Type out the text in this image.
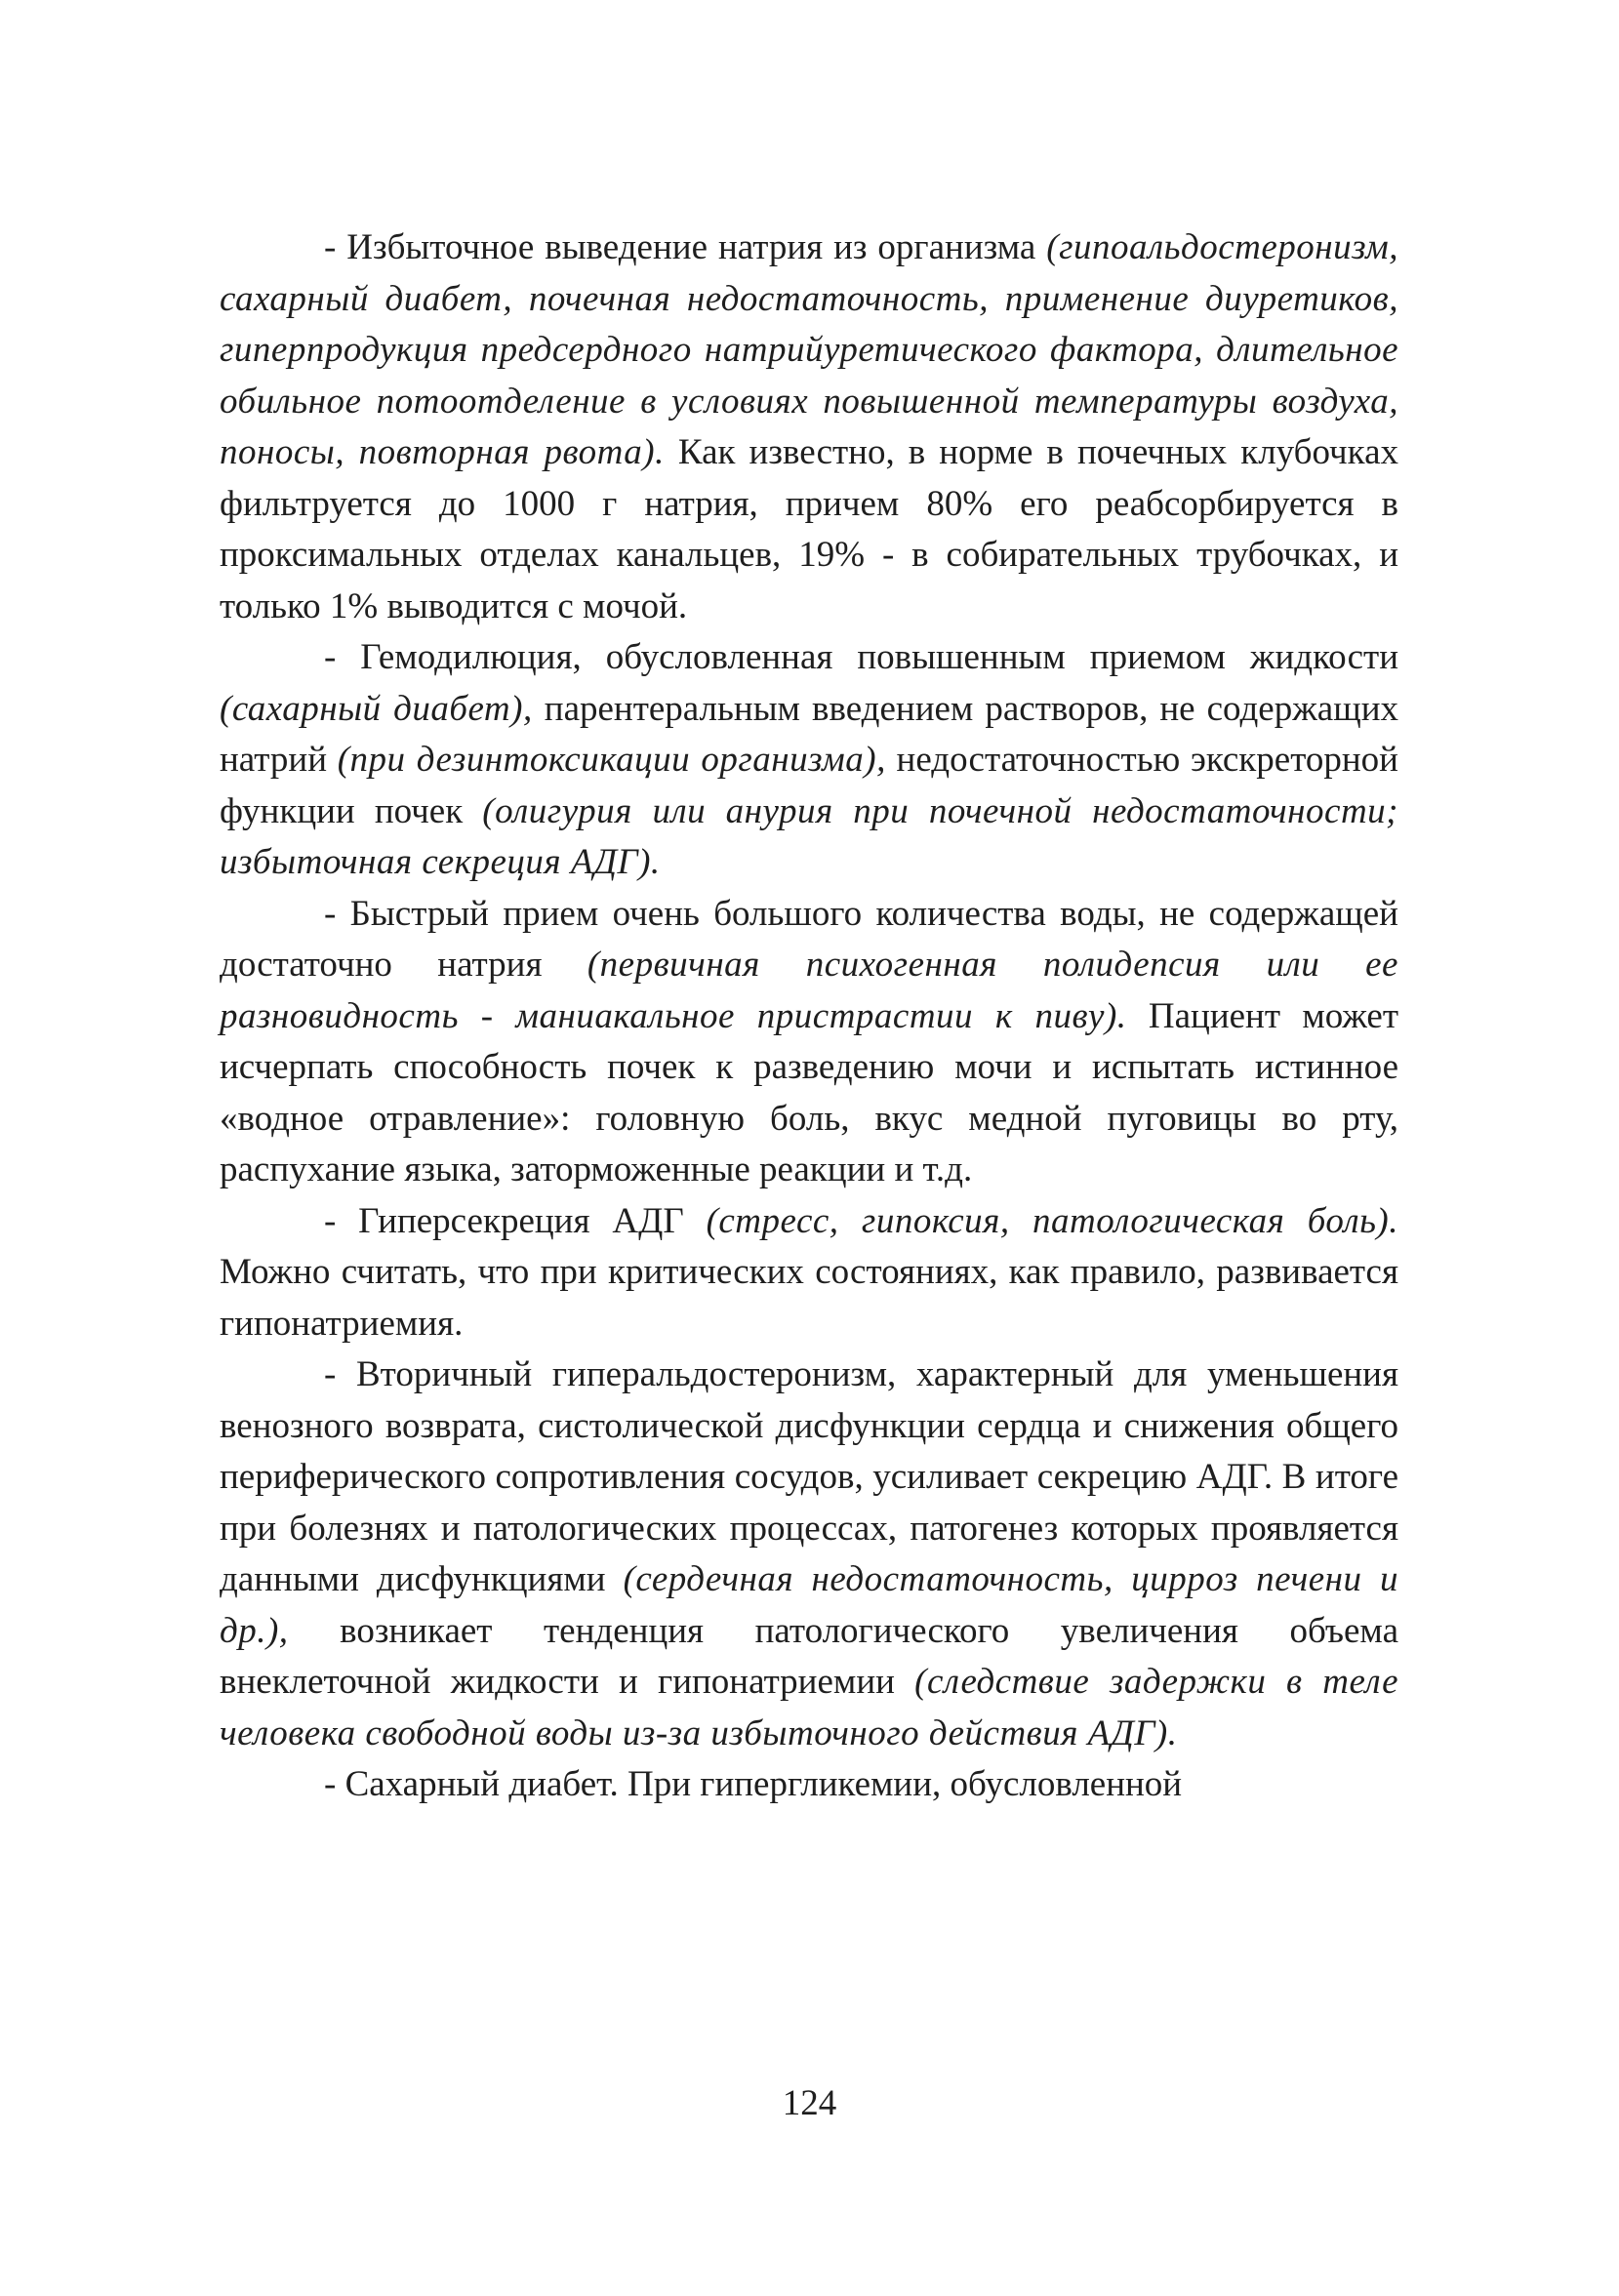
- Избыточное выведение натрия из организма (гипоальдостеронизм, сахарный диабет, почечная недостаточность, применение диуретиков, гиперпродукция предсердного натрийуретического фактора, длительное обильное потоотделение в условиях повышенной температуры воздуха, поносы, повторная рвота). Как известно, в норме в почечных клубочках фильтруется до 1000 г натрия, причем 80% его реабсорбируется в проксимальных отделах канальцев, 19% - в собирательных трубочках, и только 1% выводится с мочой.

- Гемодилюция, обусловленная повышенным приемом жидкости (сахарный диабет), парентеральным введением растворов, не содержащих натрий (при дезинтоксикации организма), недостаточностью экскреторной функции почек (олигурия или анурия при почечной недостаточности; избыточная секреция АДГ).

- Быстрый прием очень большого количества воды, не содержащей достаточно натрия (первичная психогенная полидепсия или ее разновидность - маниакальное пристрастии к пиву). Пациент может исчерпать способность почек к разведению мочи и испытать истинное «водное отравление»: головную боль, вкус медной пуговицы во рту, распухание языка, заторможенные реакции и т.д.

- Гиперсекреция АДГ (стресс, гипоксия, патологическая боль). Можно считать, что при критических состояниях, как правило, развивается гипонатриемия.

- Вторичный гиперальдостеронизм, характерный для уменьшения венозного возврата, систолической дисфункции сердца и снижения общего периферического сопротивления сосудов, усиливает секрецию АДГ. В итоге при болезнях и патологических процессах, патогенез которых проявляется данными дисфункциями (сердечная недостаточность, цирроз печени и др.), возникает тенденция патологического увеличения объема внеклеточной жидкости и гипонатриемии (следствие задержки в теле человека свободной воды из-за избыточного действия АДГ).

- Сахарный диабет. При гипергликемии, обусловленной

124
